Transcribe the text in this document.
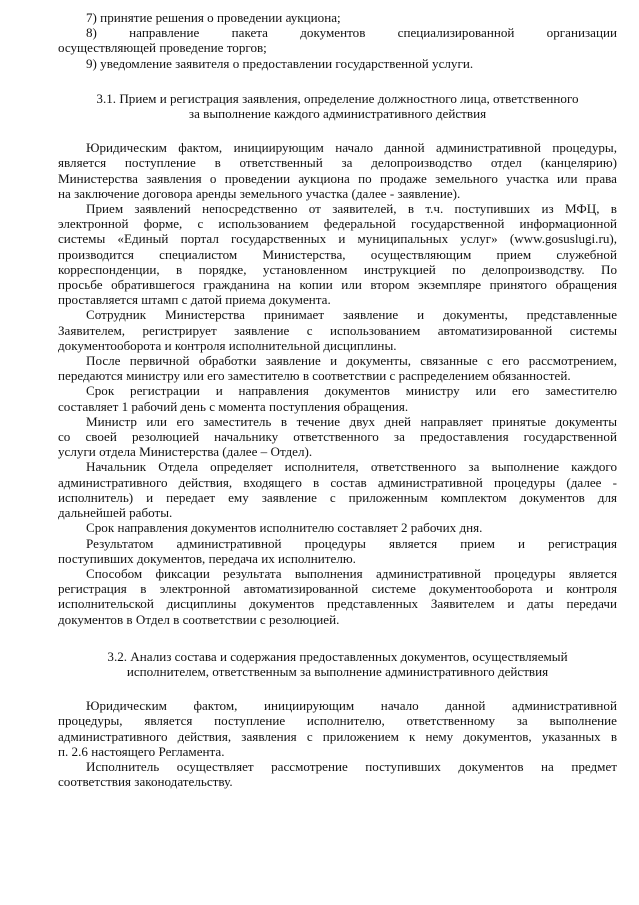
7) принятие решения о проведении аукциона;
8) направление пакета документов специализированной организации
осуществляющей проведение торгов;
9) уведомление заявителя о предоставлении государственной услуги.
3.1. Прием и регистрация заявления, определение должностного лица, ответственного
за выполнение каждого административного действия
Юридическим фактом, инициирующим начало данной административной процедуры,
является поступление в ответственный за делопроизводство отдел (канцелярию)
Министерства заявления о проведении аукциона по продаже земельного участка или права
на заключение договора аренды земельного участка (далее - заявление).
Прием заявлений непосредственно от заявителей, в т.ч. поступивших из МФЦ, в
электронной форме, с использованием федеральной государственной информационной
системы «Единый портал государственных и муниципальных услуг» (www.gosuslugi.ru),
производится специалистом Министерства, осуществляющим прием служебной
корреспонденции, в порядке, установленном инструкцией по делопроизводству. По
просьбе обратившегося гражданина на копии или втором экземпляре принятого обращения
проставляется штамп с датой приема документа.
Сотрудник Министерства принимает заявление и документы, представленные
Заявителем, регистрирует заявление с использованием автоматизированной системы
документооборота и контроля исполнительной дисциплины.
После первичной обработки заявление и документы, связанные с его рассмотрением,
передаются министру или его заместителю в соответствии с распределением обязанностей.
Срок регистрации и направления документов министру или его заместителю
составляет 1 рабочий день с момента поступления обращения.
Министр или его заместитель в течение двух дней направляет принятые документы
со своей резолюцией начальнику ответственного за предоставления государственной
услуги отдела Министерства (далее – Отдел).
Начальник Отдела определяет исполнителя, ответственного за выполнение каждого
административного действия, входящего в состав административной процедуры (далее -
исполнитель) и передает ему заявление с приложенным комплектом документов для
дальнейшей работы.
Срок направления документов исполнителю составляет 2 рабочих дня.
Результатом административной процедуры является прием и регистрация
поступивших документов, передача их исполнителю.
Способом фиксации результата выполнения административной процедуры является
регистрация в электронной автоматизированной системе документооборота и контроля
исполнительской дисциплины документов представленных Заявителем и даты передачи
документов в Отдел в соответствии с резолюцией.
3.2. Анализ состава и содержания предоставленных документов, осуществляемый
исполнителем, ответственным за выполнение административного действия
Юридическим фактом, инициирующим начало данной административной
процедуры, является поступление исполнителю, ответственному за выполнение
административного действия, заявления с приложением к нему документов, указанных в
п. 2.6 настоящего Регламента.
Исполнитель осуществляет рассмотрение поступивших документов на предмет
соответствия законодательству.
